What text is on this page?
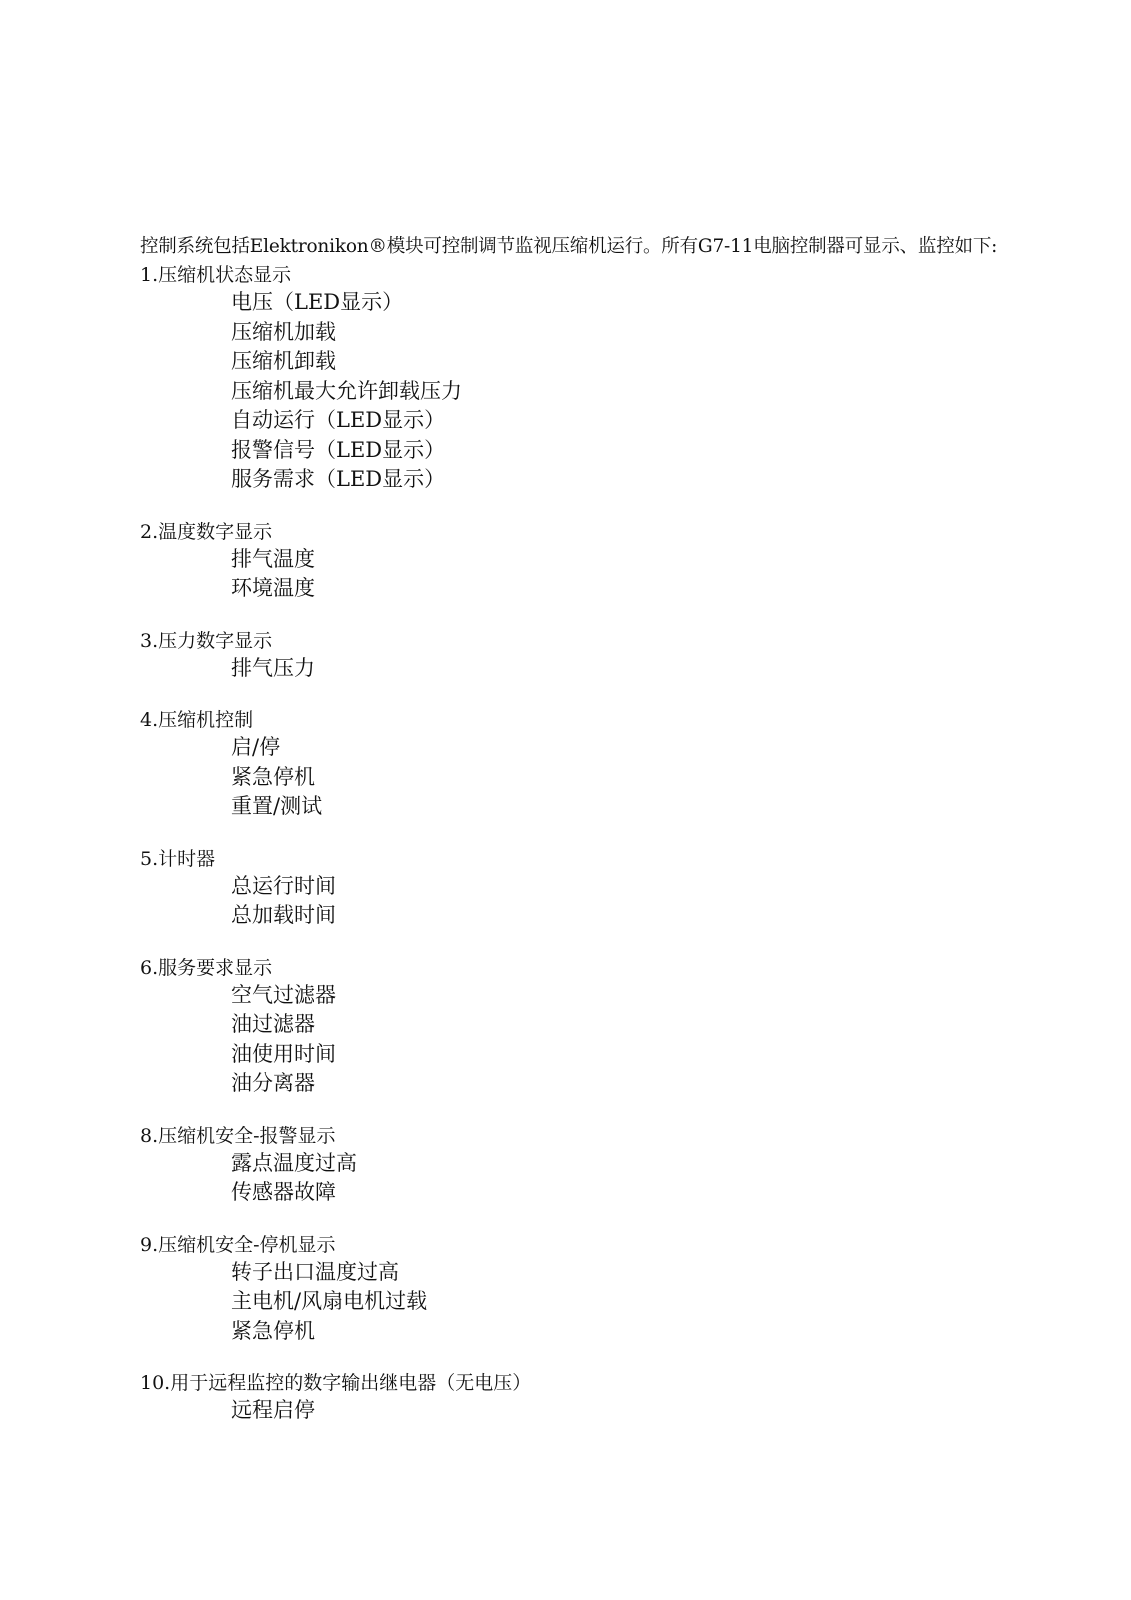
控制系统包括Elektronikon®模块可控制调节监视压缩机运行。所有G7-11电脑控制器可显示、监控如下:

1.压缩机状态显示

电压（LED显示）
压缩机加载
压缩机卸载
压缩机最大允许卸载压力
自动运行（LED显示）
报警信号（LED显示）
服务需求（LED显示）

2.温度数字显示

排气温度
环境温度

3.压力数字显示

排气压力

4.压缩机控制

启/停
紧急停机
重置/测试

5.计时器

总运行时间
总加载时间

6.服务要求显示

空气过滤器
油过滤器
油使用时间
油分离器

8.压缩机安全-报警显示

露点温度过高
传感器故障

9.压缩机安全-停机显示

转子出口温度过高
主电机/风扇电机过载
紧急停机

10.用于远程监控的数字输出继电器（无电压）

远程启停
